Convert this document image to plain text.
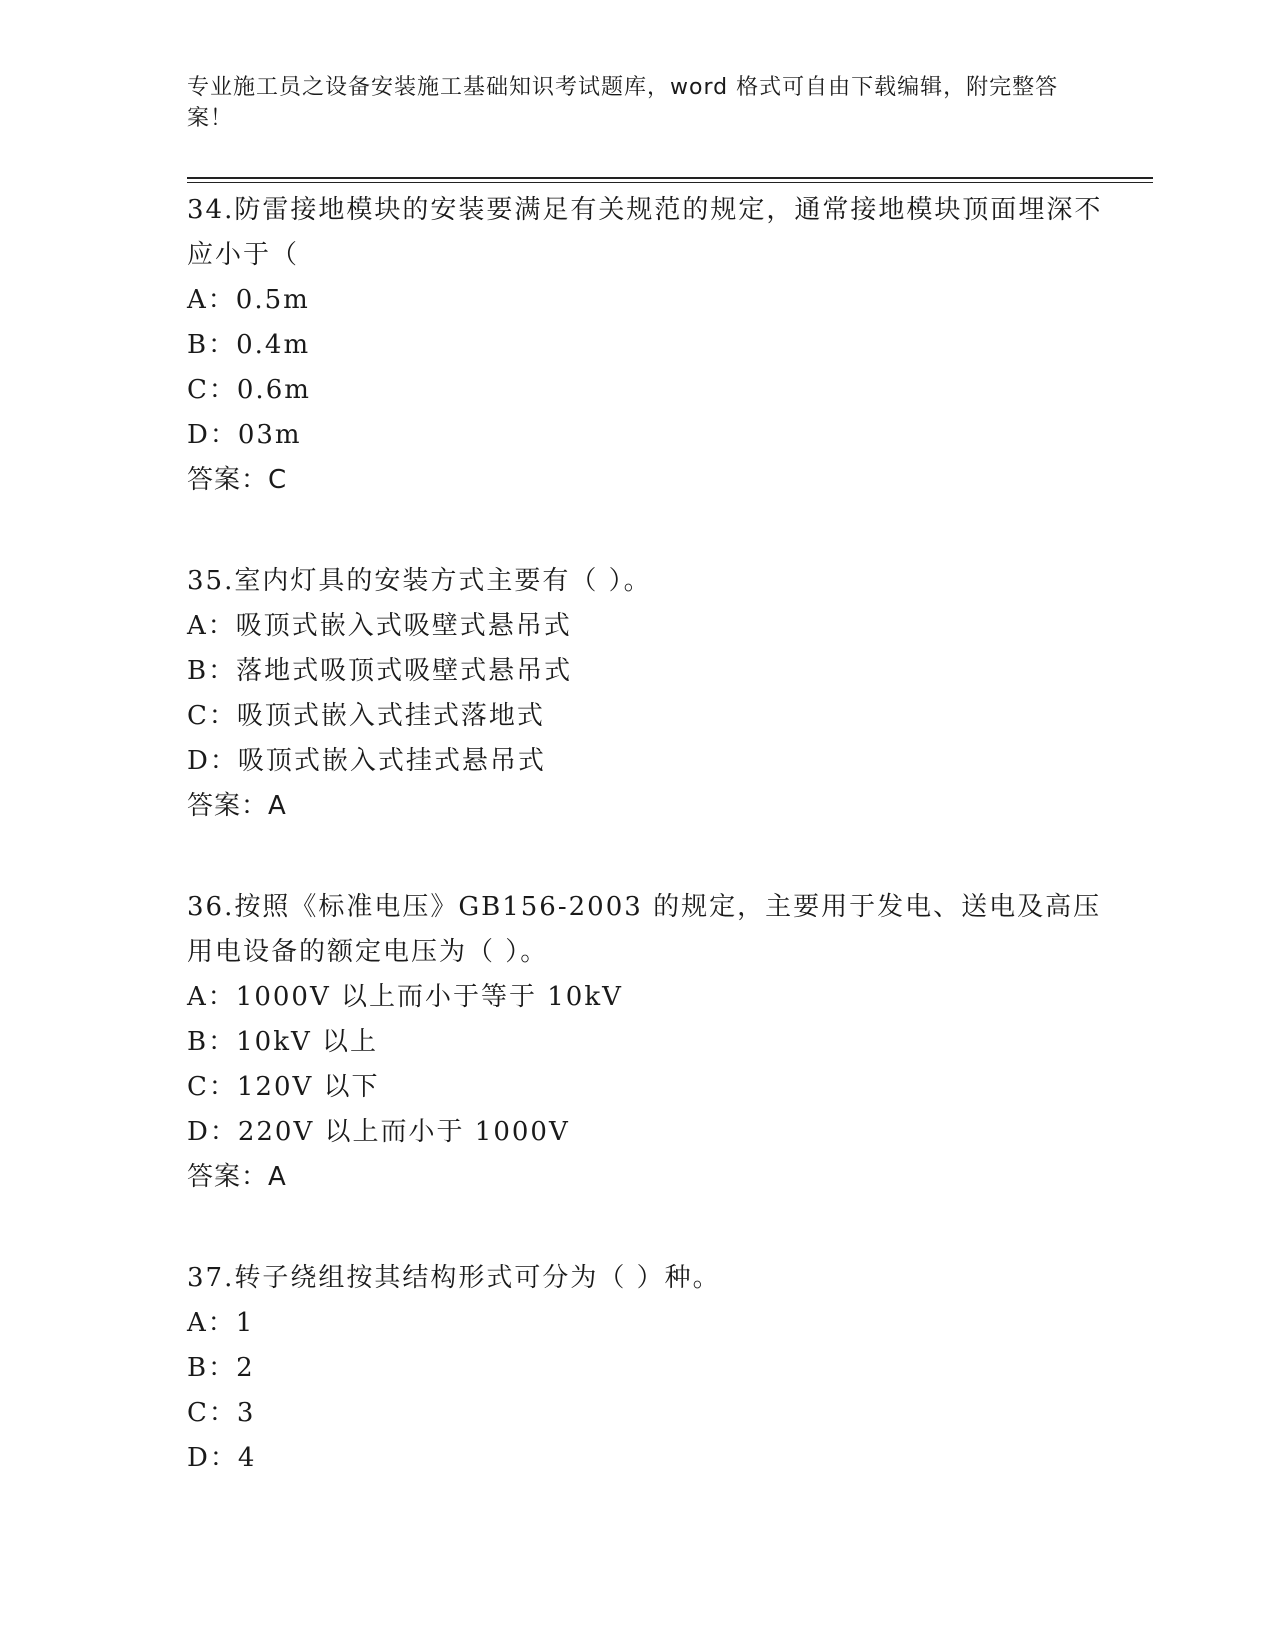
专业施工员之设备安装施工基础知识考试题库，word 格式可自由下载编辑，附完整答案！

34.防雷接地模块的安装要满足有关规范的规定，通常接地模块顶面埋深不应小于（

A：0.5m

B：0.4m

C：0.6m

D：03m

答案：C

35.室内灯具的安装方式主要有（ ）。

A：吸顶式嵌入式吸壁式悬吊式

B：落地式吸顶式吸壁式悬吊式

C：吸顶式嵌入式挂式落地式

D：吸顶式嵌入式挂式悬吊式

答案：A

36.按照《标准电压》GB156-2003 的规定，主要用于发电、送电及高压用电设备的额定电压为（ ）。

A：1000V 以上而小于等于 10kV

B：10kV 以上

C：120V 以下

D：220V 以上而小于 1000V

答案：A

37.转子绕组按其结构形式可分为（ ）种。

A：1

B：2

C：3

D：4
